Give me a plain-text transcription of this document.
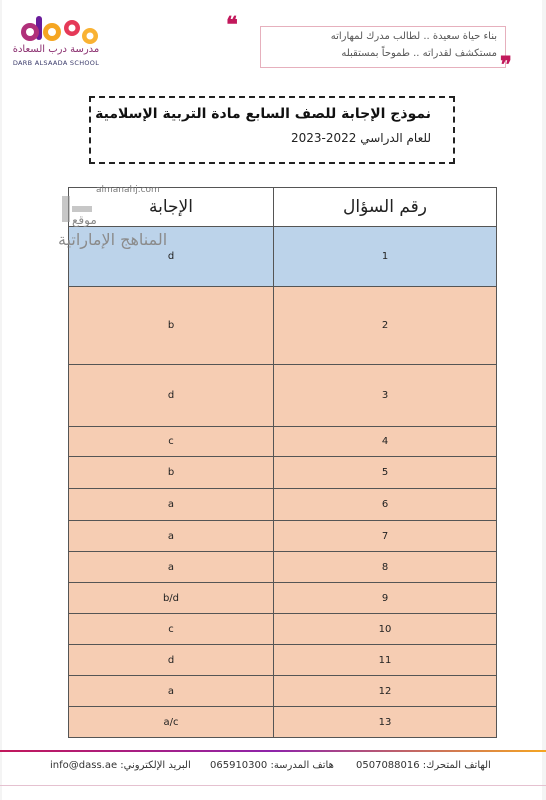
مدرسة درب السعادة
DARB ALSAADA SCHOOL
❝	بناء حياة سعيدة .. لطالب مدرك لمهاراته
مستكشف لقدراته .. طموحاً بمستقبله ❞
نموذج الإجابة للصف السابع مادة التربية الإسلامية
للعام الدراسي 2022-2023
الإجابة	رقم السؤال
d	1
b	2
d	3
c	4
b	5
a	6
a	7
a	8
b/d	9
c	10
d	11
a	12
a/c	13
almanahj.com
موقع
المناهج الإماراتية
الهاتف المتحرك: 0507088016
هاتف المدرسة: 065910300
البريد الإلكتروني: info@dass.ae
